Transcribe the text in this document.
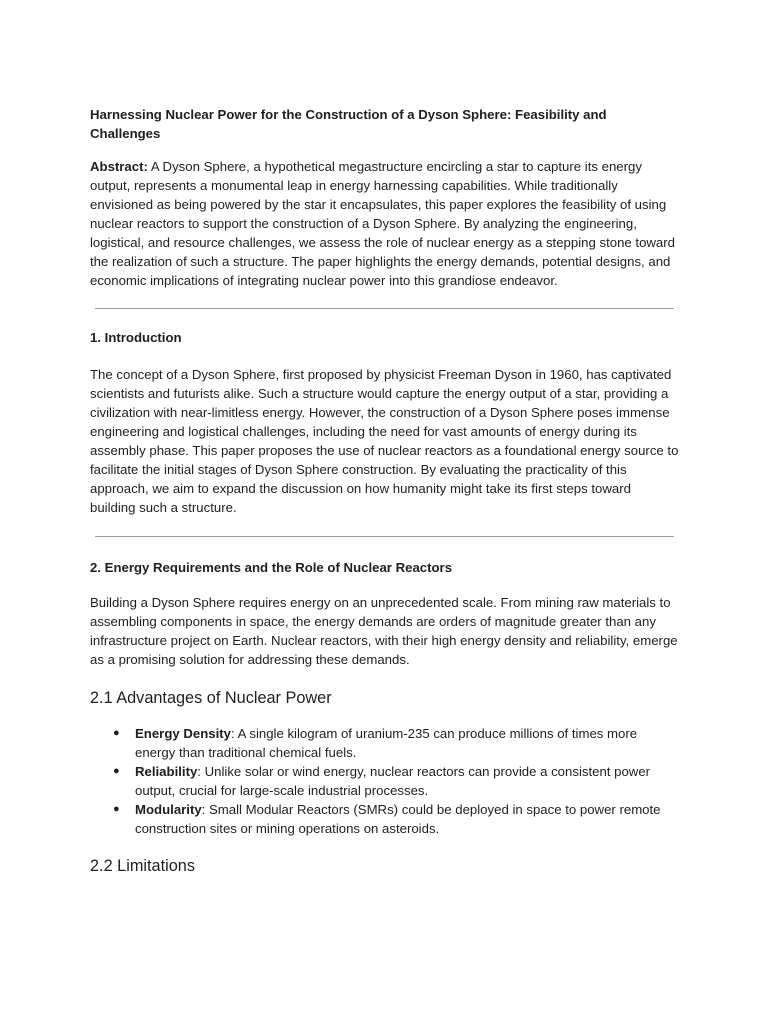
Harnessing Nuclear Power for the Construction of a Dyson Sphere: Feasibility and Challenges

Abstract: A Dyson Sphere, a hypothetical megastructure encircling a star to capture its energy output, represents a monumental leap in energy harnessing capabilities. While traditionally envisioned as being powered by the star it encapsulates, this paper explores the feasibility of using nuclear reactors to support the construction of a Dyson Sphere. By analyzing the engineering, logistical, and resource challenges, we assess the role of nuclear energy as a stepping stone toward the realization of such a structure. The paper highlights the energy demands, potential designs, and economic implications of integrating nuclear power into this grandiose endeavor.

1. Introduction

The concept of a Dyson Sphere, first proposed by physicist Freeman Dyson in 1960, has captivated scientists and futurists alike. Such a structure would capture the energy output of a star, providing a civilization with near-limitless energy. However, the construction of a Dyson Sphere poses immense engineering and logistical challenges, including the need for vast amounts of energy during its assembly phase. This paper proposes the use of nuclear reactors as a foundational energy source to facilitate the initial stages of Dyson Sphere construction. By evaluating the practicality of this approach, we aim to expand the discussion on how humanity might take its first steps toward building such a structure.

2. Energy Requirements and the Role of Nuclear Reactors

Building a Dyson Sphere requires energy on an unprecedented scale. From mining raw materials to assembling components in space, the energy demands are orders of magnitude greater than any infrastructure project on Earth. Nuclear reactors, with their high energy density and reliability, emerge as a promising solution for addressing these demands.

2.1 Advantages of Nuclear Power
● Energy Density: A single kilogram of uranium-235 can produce millions of times more energy than traditional chemical fuels.
● Reliability: Unlike solar or wind energy, nuclear reactors can provide a consistent power output, crucial for large-scale industrial processes.
● Modularity: Small Modular Reactors (SMRs) could be deployed in space to power remote construction sites or mining operations on asteroids.
2.2 Limitations
